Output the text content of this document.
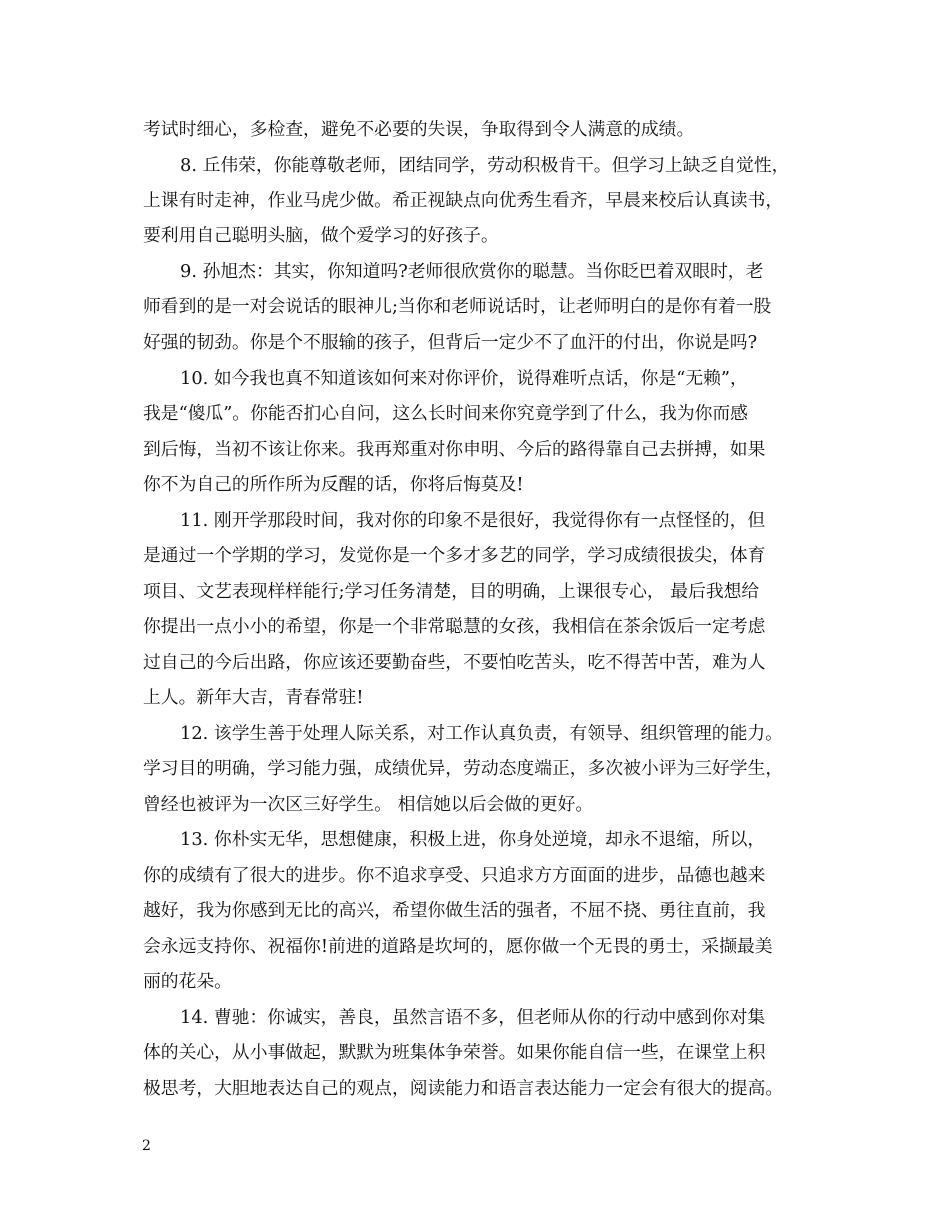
考试时细心，多检查，避免不必要的失误，争取得到令人满意的成绩。
8. 丘伟荣，你能尊敬老师，团结同学，劳动积极肯干。但学习上缺乏自觉性，
上课有时走神，作业马虎少做。希正视缺点向优秀生看齐，早晨来校后认真读书，
要利用自己聪明头脑，做个爱学习的好孩子。
9. 孙旭杰：其实，你知道吗?老师很欣赏你的聪慧。当你眨巴着双眼时，老
师看到的是一对会说话的眼神儿;当你和老师说话时，让老师明白的是你有着一股
好强的韧劲。你是个不服输的孩子，但背后一定少不了血汗的付出，你说是吗?
10. 如今我也真不知道该如何来对你评价，说得难听点话，你是“无赖”，
我是“傻瓜”。你能否扪心自问，这么长时间来你究竟学到了什么，我为你而感
到后悔，当初不该让你来。我再郑重对你申明、今后的路得靠自己去拼搏，如果
你不为自己的所作所为反醒的话，你将后悔莫及!
11. 刚开学那段时间，我对你的印象不是很好，我觉得你有一点怪怪的，但
是通过一个学期的学习，发觉你是一个多才多艺的同学，学习成绩很拔尖，体育
项目、文艺表现样样能行;学习任务清楚，目的明确，上课很专心， 最后我想给
你提出一点小小的希望，你是一个非常聪慧的女孩，我相信在茶余饭后一定考虑
过自己的今后出路，你应该还要勤奋些，不要怕吃苦头，吃不得苦中苦，难为人
上人。新年大吉，青春常驻!
12. 该学生善于处理人际关系，对工作认真负责，有领导、组织管理的能力。
学习目的明确，学习能力强，成绩优异，劳动态度端正，多次被小评为三好学生，
曾经也被评为一次区三好学生。 相信她以后会做的更好。
13. 你朴实无华，思想健康，积极上进，你身处逆境，却永不退缩，所以，
你的成绩有了很大的进步。你不追求享受、只追求方方面面的进步，品德也越来
越好，我为你感到无比的高兴，希望你做生活的强者，不屈不挠、勇往直前，我
会永远支持你、祝福你!前进的道路是坎坷的，愿你做一个无畏的勇士，采撷最美
丽的花朵。
14. 曹驰：你诚实，善良，虽然言语不多，但老师从你的行动中感到你对集
体的关心，从小事做起，默默为班集体争荣誉。如果你能自信一些，在课堂上积
极思考，大胆地表达自己的观点，阅读能力和语言表达能力一定会有很大的提高。
2
